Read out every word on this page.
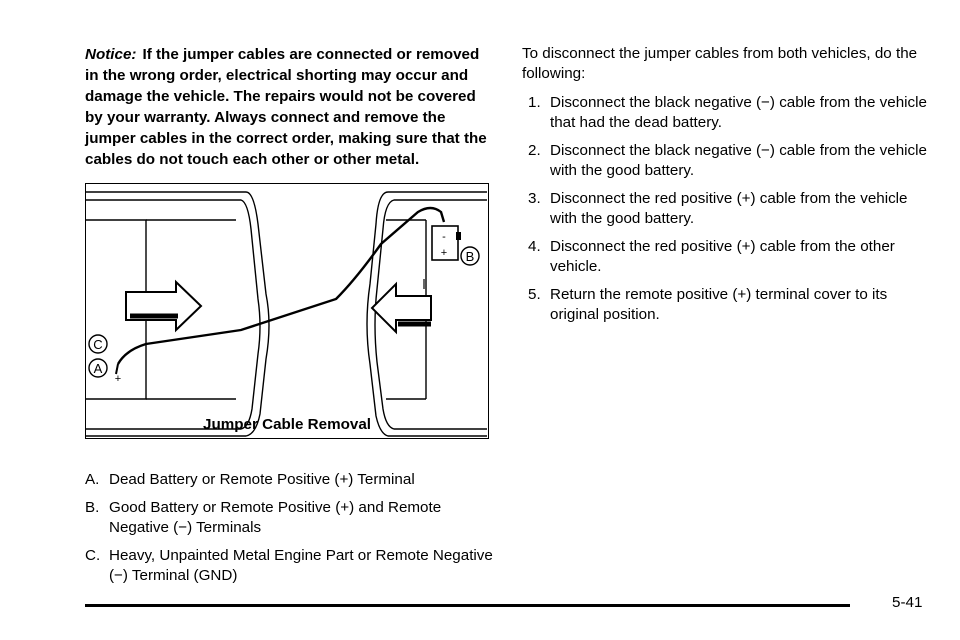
Notice: If the jumper cables are connected or removed in the wrong order, electrical shorting may occur and damage the vehicle. The repairs would not be covered by your warranty. Always connect and remove the jumper cables in the correct order, making sure that the cables do not touch each other or other metal.

-
+
+
B
C
A
Jumper Cable Removal
A. Dead Battery or Remote Positive (+) Terminal
B. Good Battery or Remote Positive (+) and Remote Negative (−) Terminals
C. Heavy, Unpainted Metal Engine Part or Remote Negative (−) Terminal (GND)

To disconnect the jumper cables from both vehicles, do the following:

1. Disconnect the black negative (−) cable from the vehicle that had the dead battery.
2. Disconnect the black negative (−) cable from the vehicle with the good battery.
3. Disconnect the red positive (+) cable from the vehicle with the good battery.
4. Disconnect the red positive (+) cable from the other vehicle.
5. Return the remote positive (+) terminal cover to its original position.
5-41
